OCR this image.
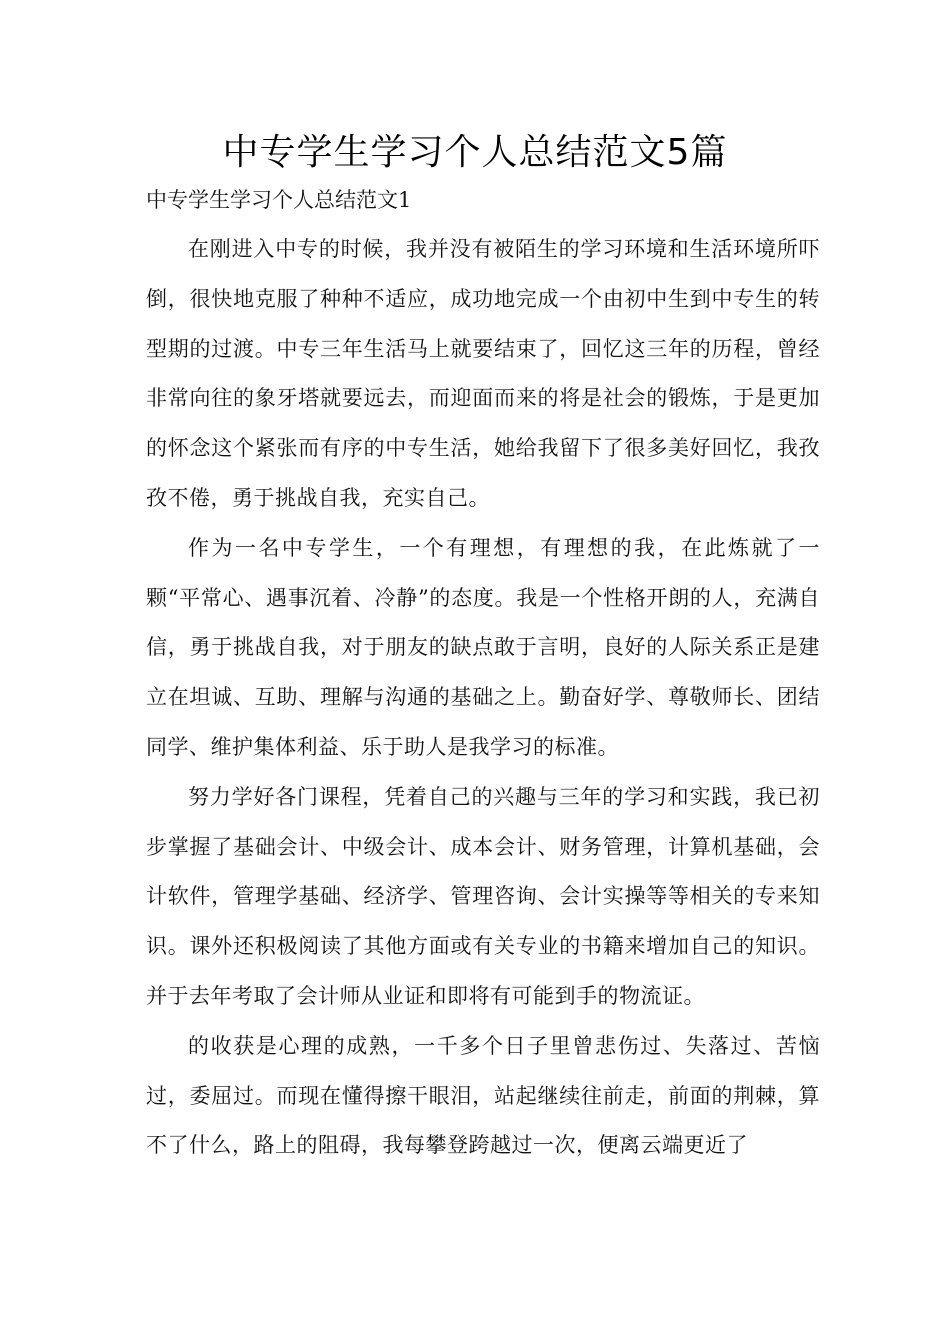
中专学生学习个人总结范文5篇
中专学生学习个人总结范文1

在刚进入中专的时候，我并没有被陌生的学习环境和生活环境所吓倒，很快地克服了种种不适应，成功地完成一个由初中生到中专生的转型期的过渡。中专三年生活马上就要结束了，回忆这三年的历程，曾经非常向往的象牙塔就要远去，而迎面而来的将是社会的锻炼，于是更加的怀念这个紧张而有序的中专生活，她给我留下了很多美好回忆，我孜孜不倦，勇于挑战自我，充实自己。

作为一名中专学生，一个有理想，有理想的我，在此炼就了一颗“平常心、遇事沉着、冷静”的态度。我是一个性格开朗的人，充满自信，勇于挑战自我，对于朋友的缺点敢于言明，良好的人际关系正是建立在坦诚、互助、理解与沟通的基础之上。勤奋好学、尊敬师长、团结同学、维护集体利益、乐于助人是我学习的标准。

努力学好各门课程，凭着自己的兴趣与三年的学习和实践，我已初步掌握了基础会计、中级会计、成本会计、财务管理，计算机基础，会计软件，管理学基础、经济学、管理咨询、会计实操等等相关的专来知识。课外还积极阅读了其他方面或有关专业的书籍来增加自己的知识。并于去年考取了会计师从业证和即将有可能到手的物流证。

的收获是心理的成熟，一千多个日子里曾悲伤过、失落过、苦恼过，委屈过。而现在懂得擦干眼泪，站起继续往前走，前面的荆棘，算不了什么，路上的阻碍，我每攀登跨越过一次，便离云端更近了
